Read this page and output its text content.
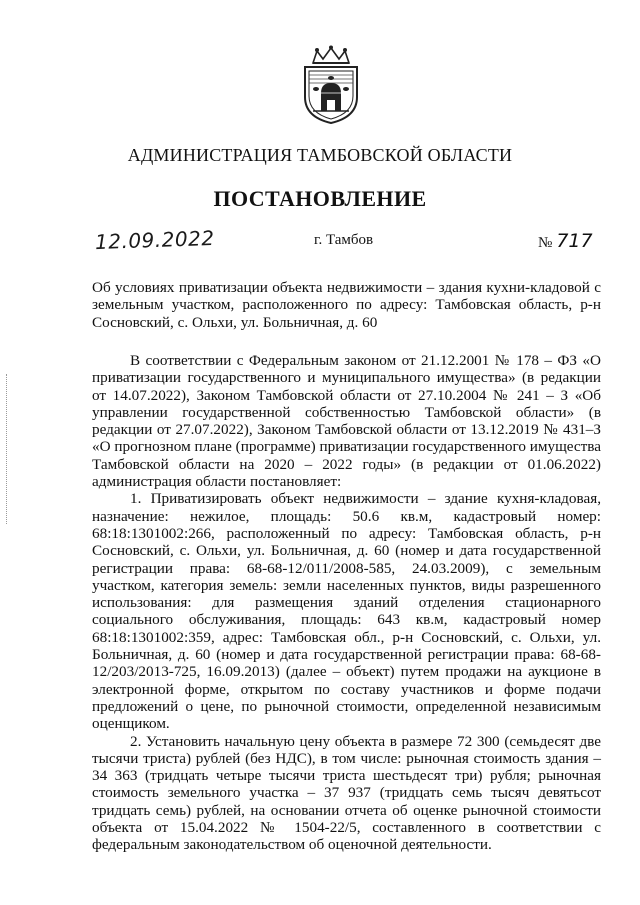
АДМИНИСТРАЦИЯ ТАМБОВСКОЙ ОБЛАСТИ
ПОСТАНОВЛЕНИЕ
12.09.2022	г. Тамбов	№ 717
Об условиях приватизации объекта недвижимости – здания кухни-кладовой с земельным участком, расположенного по адресу: Тамбовская область, р-н Сосновский, с. Ольхи, ул. Больничная, д. 60

В соответствии с Федеральным законом от 21.12.2001 № 178 – ФЗ «О приватизации государственного и муниципального имущества» (в редакции от 14.07.2022), Законом Тамбовской области от 27.10.2004 № 241 – З «Об управлении государственной собственностью Тамбовской области» (в редакции от 27.07.2022), Законом Тамбовской области от 13.12.2019 № 431–З «О прогнозном плане (программе) приватизации государственного имущества Тамбовской области на 2020 – 2022 годы» (в редакции от 01.06.2022) администрация области постановляет:

1. Приватизировать объект недвижимости – здание кухня-кладовая, назначение: нежилое, площадь: 50.6 кв.м, кадастровый номер: 68:18:1301002:266, расположенный по адресу: Тамбовская область, р-н Сосновский, с. Ольхи, ул. Больничная, д. 60 (номер и дата государственной регистрации права: 68-68-12/011/2008-585, 24.03.2009), с земельным участком, категория земель: земли населенных пунктов, виды разрешенного использования: для размещения зданий отделения стационарного социального обслуживания, площадь: 643 кв.м, кадастровый номер 68:18:1301002:359, адрес: Тамбовская обл., р-н Сосновский, с. Ольхи, ул. Больничная, д. 60 (номер и дата государственной регистрации права: 68-68-12/203/2013-725, 16.09.2013) (далее – объект) путем продажи на аукционе в электронной форме, открытом по составу участников и форме подачи предложений о цене, по рыночной стоимости, определенной независимым оценщиком.

2. Установить начальную цену объекта в размере 72 300 (семьдесят две тысячи триста) рублей (без НДС), в том числе: рыночная стоимость здания – 34 363 (тридцать четыре тысячи триста шестьдесят три) рубля; рыночная стоимость земельного участка – 37 937 (тридцать семь тысяч девятьсот тридцать семь) рублей, на основании отчета об оценке рыночной стоимости объекта от 15.04.2022 № 1504-22/5, составленного в соответствии с федеральным законодательством об оценочной деятельности.
